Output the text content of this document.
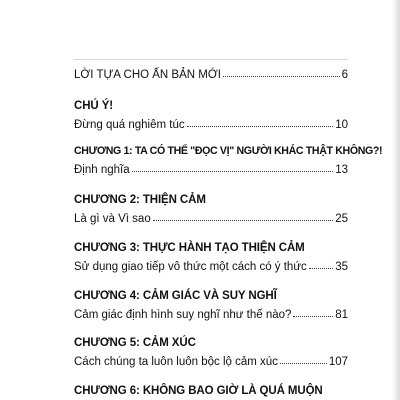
LỜI TỰA CHO ẤN BẢN MỚI	6
CHÚ Ý!
Đừng quá nghiêm túc	10
CHƯƠNG 1: TA CÓ THỂ "ĐỌC VỊ" NGƯỜI KHÁC THẬT KHÔNG?!
Định nghĩa	13
CHƯƠNG 2: THIỆN CẢM
Là gì và Vì sao	25
CHƯƠNG 3: THỰC HÀNH TẠO THIỆN CẢM
Sử dụng giao tiếp vô thức một cách có ý thức 35
CHƯƠNG 4: CẢM GIÁC VÀ SUY NGHĨ
Cảm giác định hình suy nghĩ như thế nào?	81
CHƯƠNG 5: CẢM XÚC
Cách chúng ta luôn luôn bộc lộ cảm xúc	107
CHƯƠNG 6: KHÔNG BAO GIỜ LÀ QUÁ MUỘN
